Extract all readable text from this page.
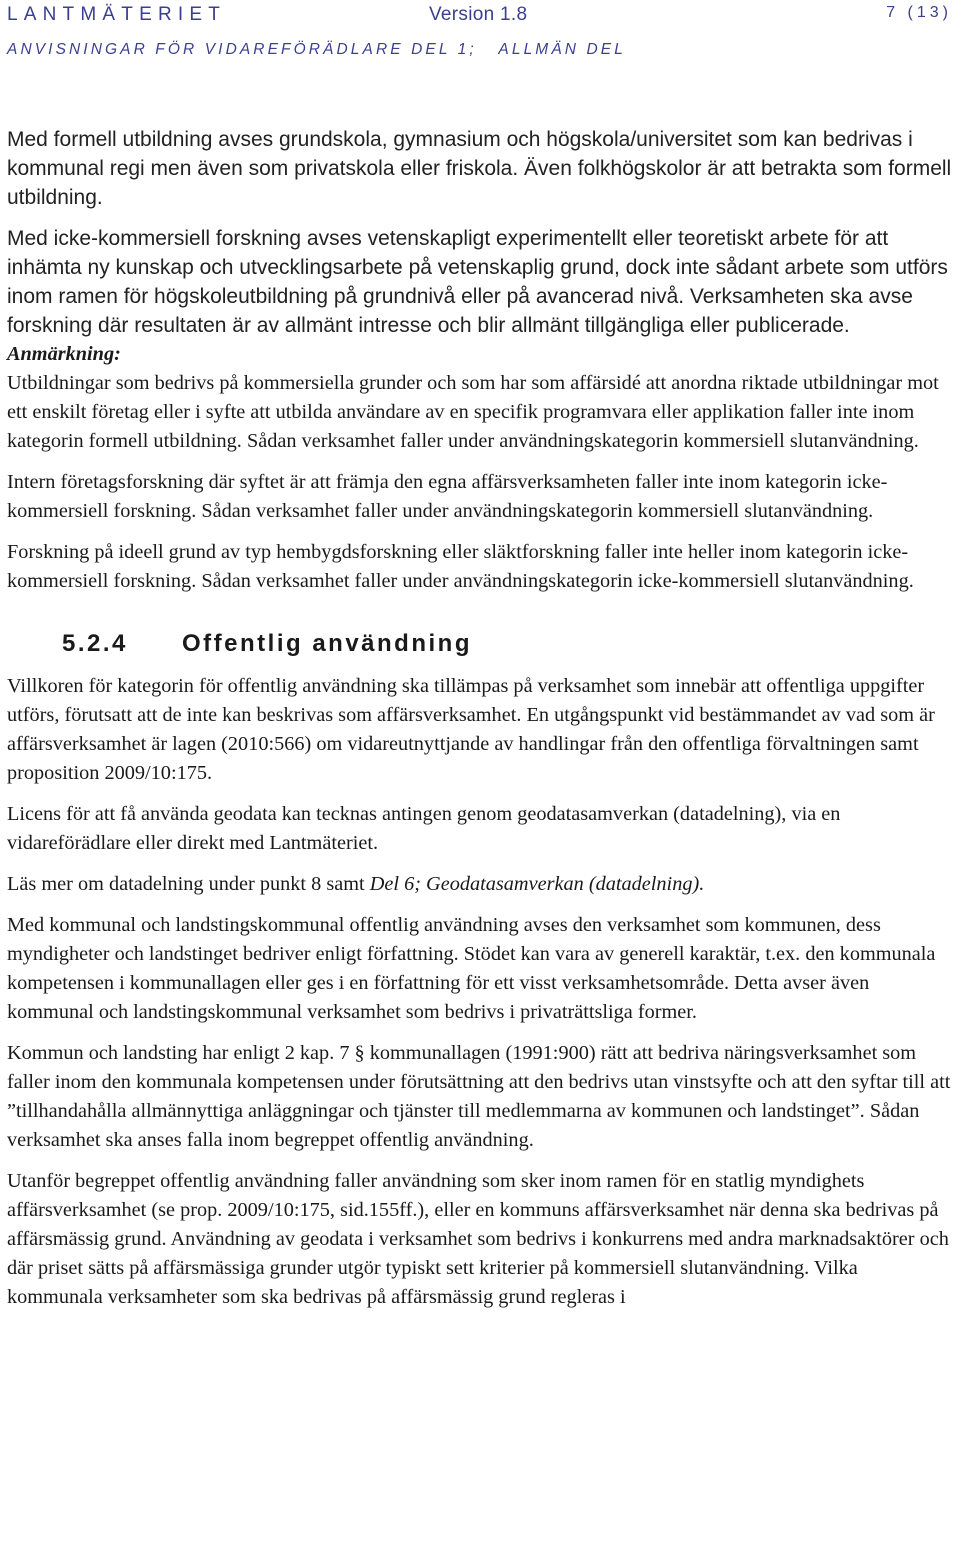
LANTMÄTERIET	Version 1.8	7 (13)
ANVISNINGAR FÖR VIDAREFÖRÄDLARE DEL 1;   ALLMÄN DEL

Med formell utbildning avses grundskola, gymnasium och högskola/universitet som kan bedrivas i kommunal regi men även som privatskola eller friskola. Även folkhögskolor är att betrakta som formell utbildning.

Med icke-kommersiell forskning avses vetenskapligt experimentellt eller teoretiskt arbete för att inhämta ny kunskap och utvecklingsarbete på vetenskaplig grund, dock inte sådant arbete som utförs inom ramen för högskoleutbildning på grundnivå eller på avancerad nivå. Verksamheten ska avse forskning där resultaten är av allmänt intresse och blir allmänt tillgängliga eller publicerade.

Anmärkning:

Utbildningar som bedrivs på kommersiella grunder och som har som affärsidé att anordna riktade utbildningar mot ett enskilt företag eller i syfte att utbilda användare av en specifik programvara eller applikation faller inte inom kategorin formell utbildning. Sådan verksamhet faller under användningskategorin kommersiell slutanvändning.

Intern företagsforskning där syftet är att främja den egna affärsverksamheten faller inte inom kategorin icke-kommersiell forskning. Sådan verksamhet faller under användningskategorin kommersiell slutanvändning.

Forskning på ideell grund av typ hembygdsforskning eller släktforskning faller inte heller inom kategorin icke-kommersiell forskning. Sådan verksamhet faller under användningskategorin icke-kommersiell slutanvändning.

5.2.4 Offentlig användning

Villkoren för kategorin för offentlig användning ska tillämpas på verksamhet som innebär att offentliga uppgifter utförs, förutsatt att de inte kan beskrivas som affärsverksamhet. En utgångspunkt vid bestämmandet av vad som är affärsverksamhet är lagen (2010:566) om vidareutnyttjande av handlingar från den offentliga förvaltningen samt proposition 2009/10:175.

Licens för att få använda geodata kan tecknas antingen genom geodatasamverkan (datadelning), via en vidareförädlare eller direkt med Lantmäteriet.

Läs mer om datadelning under punkt 8 samt Del 6; Geodatasamverkan (datadelning).

Med kommunal och landstingskommunal offentlig användning avses den verksamhet som kommunen, dess myndigheter och landstinget bedriver enligt författning. Stödet kan vara av generell karaktär, t.ex. den kommunala kompetensen i kommunallagen eller ges i en författning för ett visst verksamhetsområde. Detta avser även kommunal och landstingskommunal verksamhet som bedrivs i privaträttsliga former.

Kommun och landsting har enligt 2 kap. 7 § kommunallagen (1991:900) rätt att bedriva näringsverksamhet som faller inom den kommunala kompetensen under förutsättning att den bedrivs utan vinstsyfte och att den syftar till att ”tillhandahålla allmännyttiga anläggningar och tjänster till medlemmarna av kommunen och landstinget”. Sådan verksamhet ska anses falla inom begreppet offentlig användning.

Utanför begreppet offentlig användning faller användning som sker inom ramen för en statlig myndighets affärsverksamhet (se prop. 2009/10:175, sid.155ff.), eller en kommuns affärsverksamhet när denna ska bedrivas på affärsmässig grund. Användning av geodata i verksamhet som bedrivs i konkurrens med andra marknadsaktörer och där priset sätts på affärsmässiga grunder utgör typiskt sett kriterier på kommersiell slutanvändning. Vilka kommunala verksamheter som ska bedrivas på affärsmässig grund regleras i
